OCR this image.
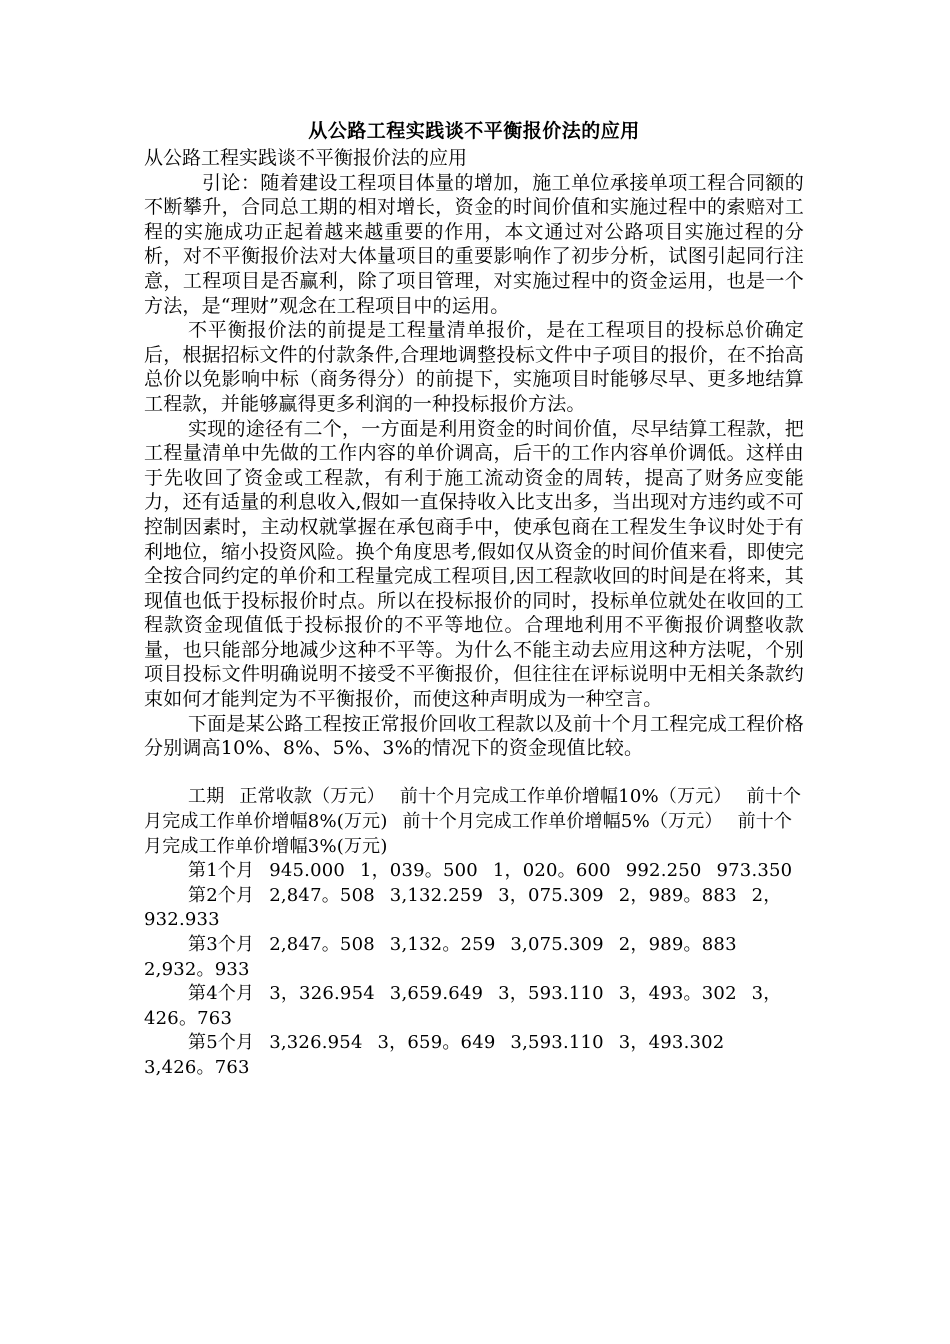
从公路工程实践谈不平衡报价法的应用

从公路工程实践谈不平衡报价法的应用

引论：随着建设工程项目体量的增加，施工单位承接单项工程合同额的不断攀升，合同总工期的相对增长，资金的时间价值和实施过程中的索赔对工程的实施成功正起着越来越重要的作用，本文通过对公路项目实施过程的分析，对不平衡报价法对大体量项目的重要影响作了初步分析，试图引起同行注意，工程项目是否赢利，除了项目管理，对实施过程中的资金运用，也是一个方法，是“理财”观念在工程项目中的运用。

不平衡报价法的前提是工程量清单报价，是在工程项目的投标总价确定后，根据招标文件的付款条件,合理地调整投标文件中子项目的报价，在不抬高总价以免影响中标（商务得分）的前提下，实施项目时能够尽早、更多地结算工程款，并能够赢得更多利润的一种投标报价方法。

实现的途径有二个，一方面是利用资金的时间价值，尽早结算工程款，把工程量清单中先做的工作内容的单价调高，后干的工作内容单价调低。这样由于先收回了资金或工程款，有利于施工流动资金的周转，提高了财务应变能力，还有适量的利息收入,假如一直保持收入比支出多，当出现对方违约或不可控制因素时，主动权就掌握在承包商手中，使承包商在工程发生争议时处于有利地位，缩小投资风险。换个角度思考,假如仅从资金的时间价值来看，即使完全按合同约定的单价和工程量完成工程项目,因工程款收回的时间是在将来，其现值也低于投标报价时点。所以在投标报价的同时，投标单位就处在收回的工程款资金现值低于投标报价的不平等地位。合理地利用不平衡报价调整收款量，也只能部分地减少这种不平等。为什么不能主动去应用这种方法呢，个别项目投标文件明确说明不接受不平衡报价，但往往在评标说明中无相关条款约束如何才能判定为不平衡报价，而使这种声明成为一种空言。

下面是某公路工程按正常报价回收工程款以及前十个月工程完成工程价格分别调高10%、8%、5%、3%的情况下的资金现值比较。

工期 正常收款（万元） 前十个月完成工作单价增幅10%（万元） 前十个月完成工作单价增幅8%(万元) 前十个月完成工作单价增幅5%（万元） 前十个月完成工作单价增幅3%(万元)

第1个月 945.000 1，039。500 1，020。600 992.250 973.350

第2个月 2,847。508 3,132.259 3，075.309 2，989。883 2，932.933

第3个月 2,847。508 3,132。259 3,075.309 2，989。883 2,932。933

第4个月 3，326.954 3,659.649 3，593.110 3，493。302 3，426。763

第5个月 3,326.954 3，659。649 3,593.110 3，493.302 3,426。763
